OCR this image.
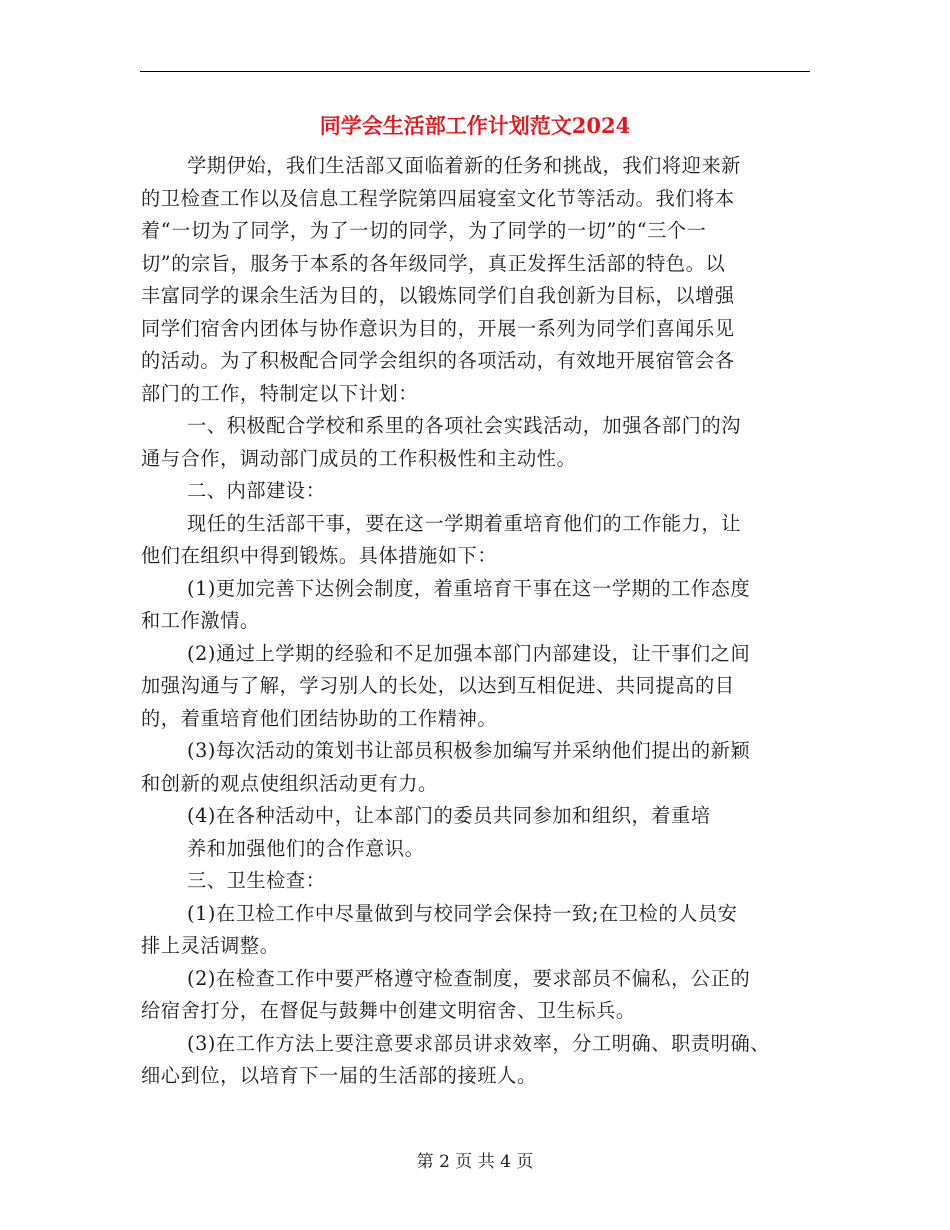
同学会生活部工作计划范文2024
学期伊始，我们生活部又面临着新的任务和挑战，我们将迎来新
的卫检查工作以及信息工程学院第四届寝室文化节等活动。我们将本
着“一切为了同学，为了一切的同学，为了同学的一切”的“三个一
切”的宗旨，服务于本系的各年级同学，真正发挥生活部的特色。以
丰富同学的课余生活为目的，以锻炼同学们自我创新为目标，以增强
同学们宿舍内团体与协作意识为目的，开展一系列为同学们喜闻乐见
的活动。为了积极配合同学会组织的各项活动，有效地开展宿管会各
部门的工作，特制定以下计划：
一、积极配合学校和系里的各项社会实践活动，加强各部门的沟
通与合作，调动部门成员的工作积极性和主动性。
二、内部建设：
现任的生活部干事，要在这一学期着重培育他们的工作能力，让
他们在组织中得到锻炼。具体措施如下：
(1)更加完善下达例会制度，着重培育干事在这一学期的工作态度
和工作激情。
(2)通过上学期的经验和不足加强本部门内部建设，让干事们之间
加强沟通与了解，学习别人的长处，以达到互相促进、共同提高的目
的，着重培育他们团结协助的工作精神。
(3)每次活动的策划书让部员积极参加编写并采纳他们提出的新颖
和创新的观点使组织活动更有力。
(4)在各种活动中，让本部门的委员共同参加和组织，着重培
养和加强他们的合作意识。
三、卫生检查：
(1)在卫检工作中尽量做到与校同学会保持一致;在卫检的人员安
排上灵活调整。
(2)在检查工作中要严格遵守检查制度，要求部员不偏私，公正的
给宿舍打分，在督促与鼓舞中创建文明宿舍、卫生标兵。
(3)在工作方法上要注意要求部员讲求效率，分工明确、职责明确、
细心到位，以培育下一届的生活部的接班人。
第 2 页 共 4 页
